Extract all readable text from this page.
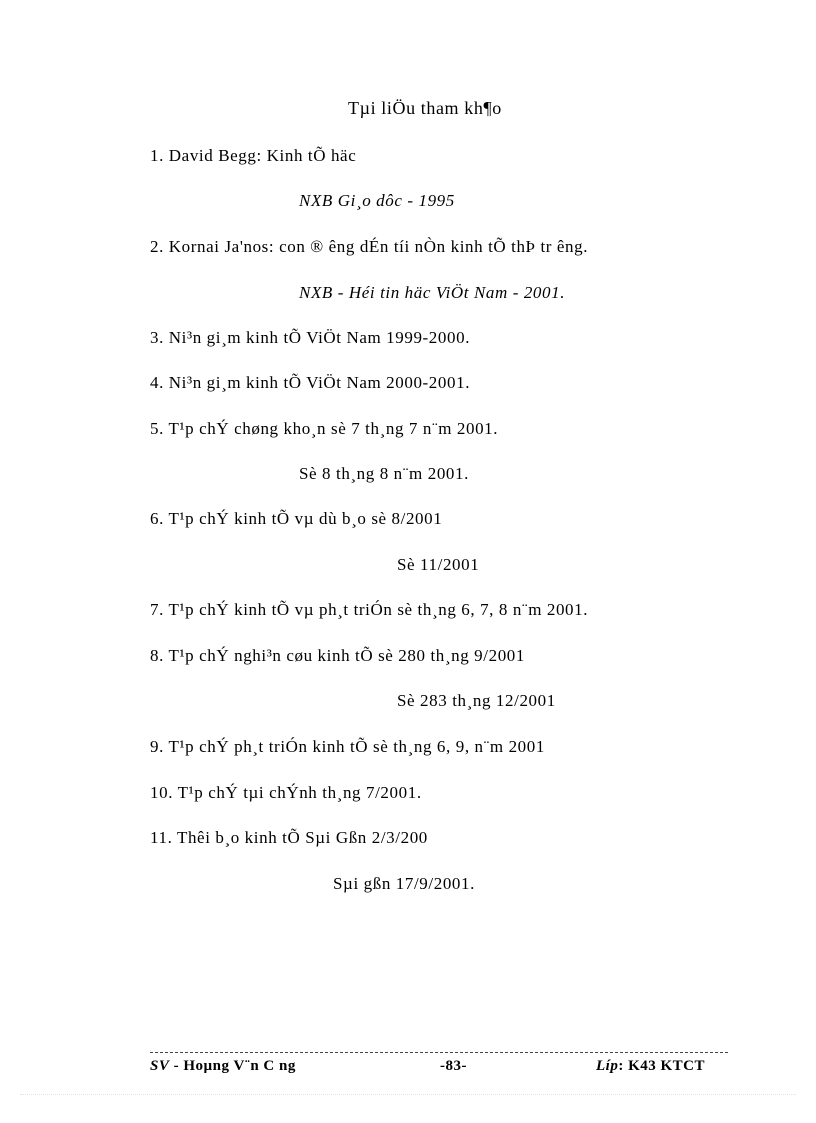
Tµi liÖu tham kh¶o
1. David Begg: Kinh tÕ häc
NXB Gi¸o dôc - 1995
2. Kornai Ja'nos: con ® êng dÉn tíi nÒn kinh tÕ thÞ tr êng.
NXB - Héi tin häc ViÖt Nam - 2001.
3. Ni³n gi¸m kinh tÕ ViÖt Nam 1999-2000.
4. Ni³n gi¸m kinh tÕ ViÖt Nam 2000-2001.
5. T¹p chÝ chøng kho¸n sè 7 th¸ng 7 n¨m 2001.
Sè 8 th¸ng 8 n¨m 2001.
6. T¹p chÝ kinh tÕ vµ dù b¸o sè 8/2001
Sè 11/2001
7. T¹p chÝ kinh tÕ vµ ph¸t triÓn sè th¸ng 6, 7, 8 n¨m 2001.
8. T¹p chÝ nghi³n cøu kinh tÕ sè 280 th¸ng 9/2001
Sè 283 th¸ng 12/2001
9. T¹p chÝ ph¸t triÓn kinh tÕ sè th¸ng 6, 9, n¨m 2001
10. T¹p chÝ tµi chÝnh th¸ng 7/2001.
11. Thêi b¸o kinh tÕ Sµi Gßn 2/3/200
Sµi gßn 17/9/2001.
SV - Hoµng V¨n C ng	-83-	Líp: K43 KTCT
